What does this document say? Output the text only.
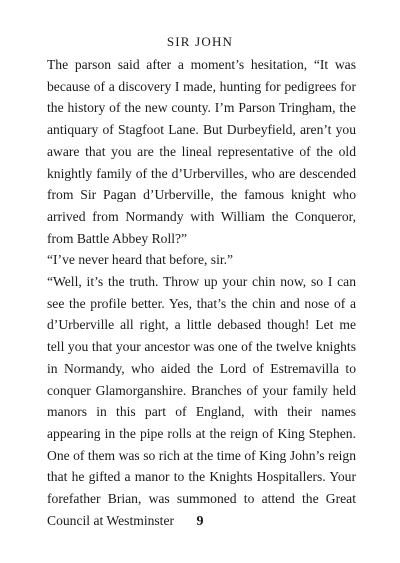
SIR JOHN

The parson said after a moment’s hesitation, “It was because of a discovery I made, hunting for pedigrees for the history of the new county. I’m Parson Tringham, the antiquary of Stagfoot Lane. But Durbeyfield, aren’t you aware that you are the lineal representative of the old knightly family of the d’Urbervilles, who are descended from Sir Pagan d’Urberville, the famous knight who arrived from Normandy with William the Conqueror, from Battle Abbey Roll?”

“I’ve never heard that before, sir.”

“Well, it’s the truth. Throw up your chin now, so I can see the profile better. Yes, that’s the chin and nose of a d’Urberville all right, a little debased though! Let me tell you that your ancestor was one of the twelve knights in Normandy, who aided the Lord of Estremavilla to conquer Glamorganshire. Branches of your family held manors in this part of England, with their names appearing in the pipe rolls at the reign of King Stephen. One of them was so rich at the time of King John’s reign that he gifted a manor to the Knights Hospitallers. Your forefather Brian, was summoned to attend the Great Council at Westminster	9
